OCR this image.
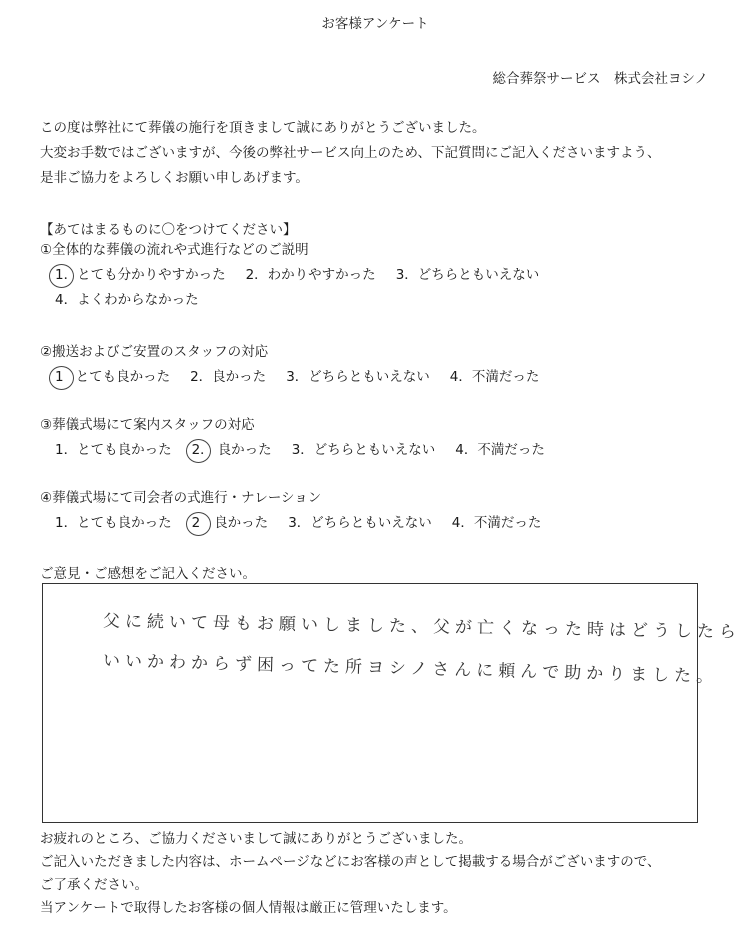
お客様アンケート
総合葬祭サービス　株式会社ヨシノ
この度は弊社にて葬儀の施行を頂きまして誠にありがとうございました。
大変お手数ではございますが、今後の弊社サービス向上のため、下記質問にご記入くださいますよう、
是非ご協力をよろしくお願い申しあげます。
【あてはまるものに〇をつけてください】
①全体的な葬儀の流れや式進行などのご説明
1．とても分かりやすかった 2．わかりやすかった 3．どちらともいえない
4．よくわからなかった
②搬送およびご安置のスタッフの対応
1 とても良かった 2．良かった 3．どちらともいえない 4．不満だった
③葬儀式場にて案内スタッフの対応
1．とても良かった 2． 良かった 3．どちらともいえない 4．不満だった
④葬儀式場にて司会者の式進行・ナレーション
1．とても良かった 2 良かった 3．どちらともいえない 4．不満だった
ご意見・ご感想をご記入ください。
父に続いて母もお願いしました、父が亡くなった時はどうしたら
いいかわからず困ってた所ヨシノさんに頼んで助かりました。
お疲れのところ、ご協力くださいまして誠にありがとうございました。
ご記入いただきました内容は、ホームページなどにお客様の声として掲載する場合がございますので、
ご了承ください。
当アンケートで取得したお客様の個人情報は厳正に管理いたします。
